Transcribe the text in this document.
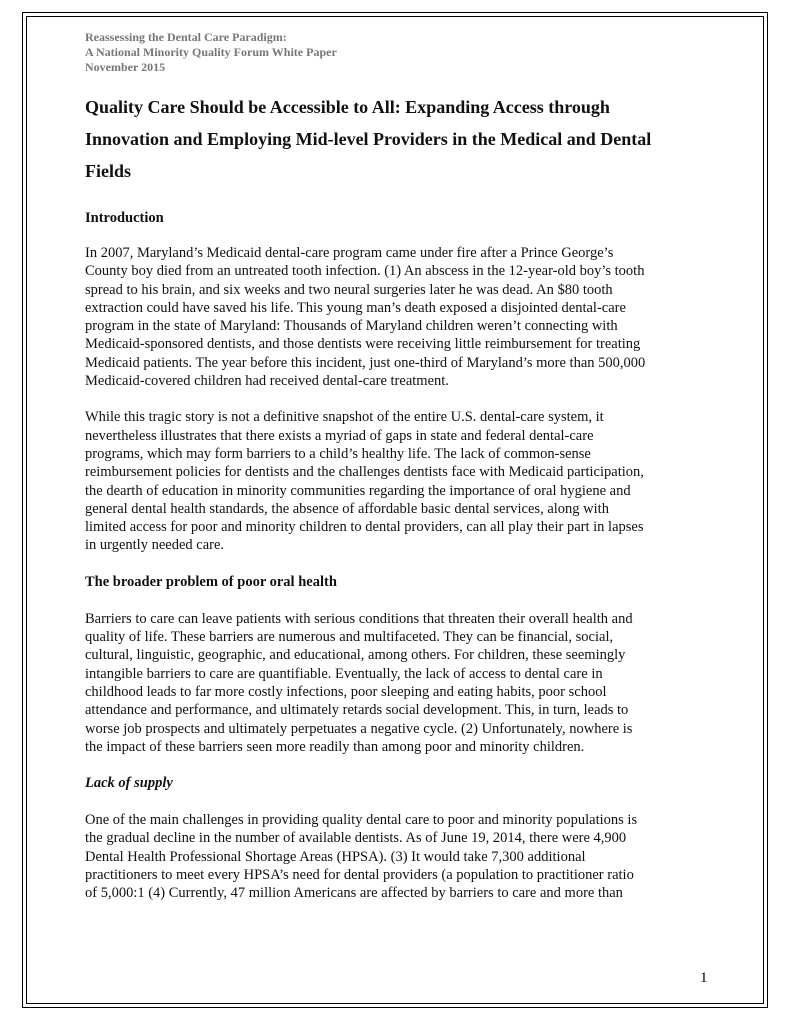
Reassessing the Dental Care Paradigm:
A National Minority Quality Forum White Paper
November 2015
Quality Care Should be Accessible to All: Expanding Access through
Innovation and Employing Mid-level Providers in the Medical and Dental
Fields
Introduction

In 2007, Maryland’s Medicaid dental-care program came under fire after a Prince George’s
County boy died from an untreated tooth infection. (1) An abscess in the 12-year-old boy’s tooth
spread to his brain, and six weeks and two neural surgeries later he was dead. An $80 tooth
extraction could have saved his life. This young man’s death exposed a disjointed dental-care
program in the state of Maryland: Thousands of Maryland children weren’t connecting with
Medicaid-sponsored dentists, and those dentists were receiving little reimbursement for treating
Medicaid patients. The year before this incident, just one-third of Maryland’s more than 500,000
Medicaid-covered children had received dental-care treatment.

While this tragic story is not a definitive snapshot of the entire U.S. dental-care system, it
nevertheless illustrates that there exists a myriad of gaps in state and federal dental-care
programs, which may form barriers to a child’s healthy life. The lack of common-sense
reimbursement policies for dentists and the challenges dentists face with Medicaid participation,
the dearth of education in minority communities regarding the importance of oral hygiene and
general dental health standards, the absence of affordable basic dental services, along with
limited access for poor and minority children to dental providers, can all play their part in lapses
in urgently needed care.

The broader problem of poor oral health

Barriers to care can leave patients with serious conditions that threaten their overall health and
quality of life. These barriers are numerous and multifaceted. They can be financial, social,
cultural, linguistic, geographic, and educational, among others. For children, these seemingly
intangible barriers to care are quantifiable. Eventually, the lack of access to dental care in
childhood leads to far more costly infections, poor sleeping and eating habits, poor school
attendance and performance, and ultimately retards social development. This, in turn, leads to
worse job prospects and ultimately perpetuates a negative cycle. (2) Unfortunately, nowhere is
the impact of these barriers seen more readily than among poor and minority children.

Lack of supply

One of the main challenges in providing quality dental care to poor and minority populations is
the gradual decline in the number of available dentists. As of June 19, 2014, there were 4,900
Dental Health Professional Shortage Areas (HPSA). (3) It would take 7,300 additional
practitioners to meet every HPSA’s need for dental providers (a population to practitioner ratio
of 5,000:1 (4) Currently, 47 million Americans are affected by barriers to care and more than

1
